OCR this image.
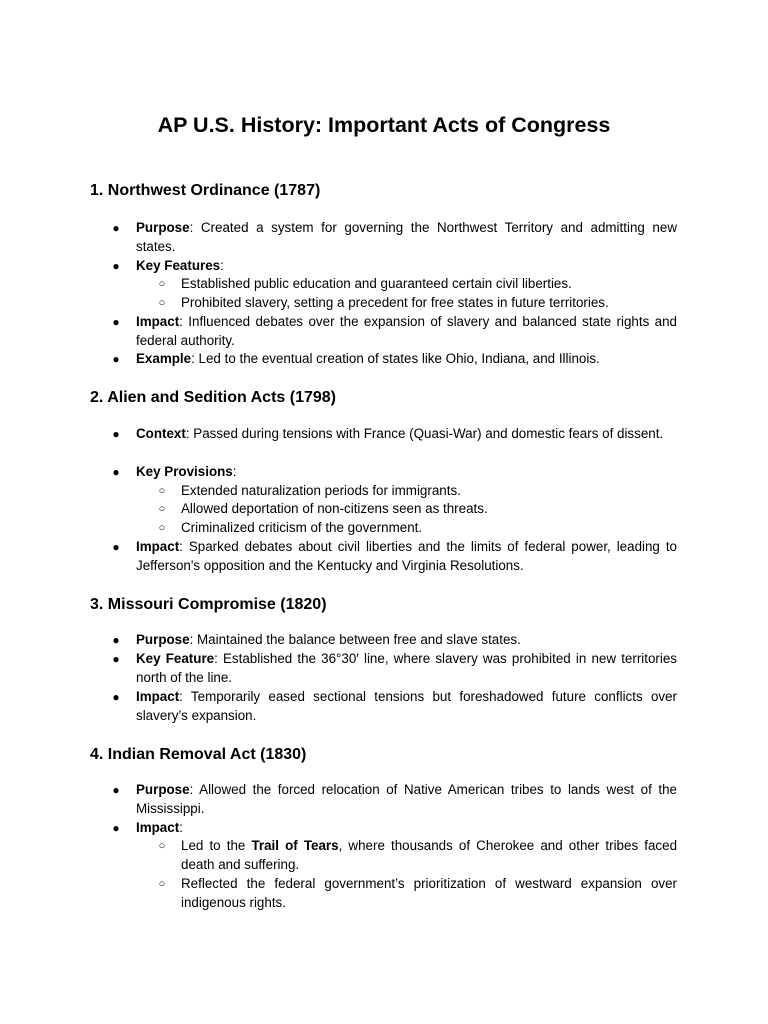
AP U.S. History: Important Acts of Congress
1. Northwest Ordinance (1787)
● Purpose: Created a system for governing the Northwest Territory and admitting new states.
● Key Features:
○ Established public education and guaranteed certain civil liberties.
○ Prohibited slavery, setting a precedent for free states in future territories.
● Impact: Influenced debates over the expansion of slavery and balanced state rights and federal authority.
● Example: Led to the eventual creation of states like Ohio, Indiana, and Illinois.
2. Alien and Sedition Acts (1798)
● Context: Passed during tensions with France (Quasi-War) and domestic fears of dissent.
● Key Provisions:
○ Extended naturalization periods for immigrants.
○ Allowed deportation of non-citizens seen as threats.
○ Criminalized criticism of the government.
● Impact: Sparked debates about civil liberties and the limits of federal power, leading to Jefferson's opposition and the Kentucky and Virginia Resolutions.
3. Missouri Compromise (1820)
● Purpose: Maintained the balance between free and slave states.
● Key Feature: Established the 36°30′ line, where slavery was prohibited in new territories north of the line.
● Impact: Temporarily eased sectional tensions but foreshadowed future conflicts over slavery’s expansion.
4. Indian Removal Act (1830)
● Purpose: Allowed the forced relocation of Native American tribes to lands west of the Mississippi.
● Impact:
○ Led to the Trail of Tears, where thousands of Cherokee and other tribes faced death and suffering.
○ Reflected the federal government’s prioritization of westward expansion over indigenous rights.
